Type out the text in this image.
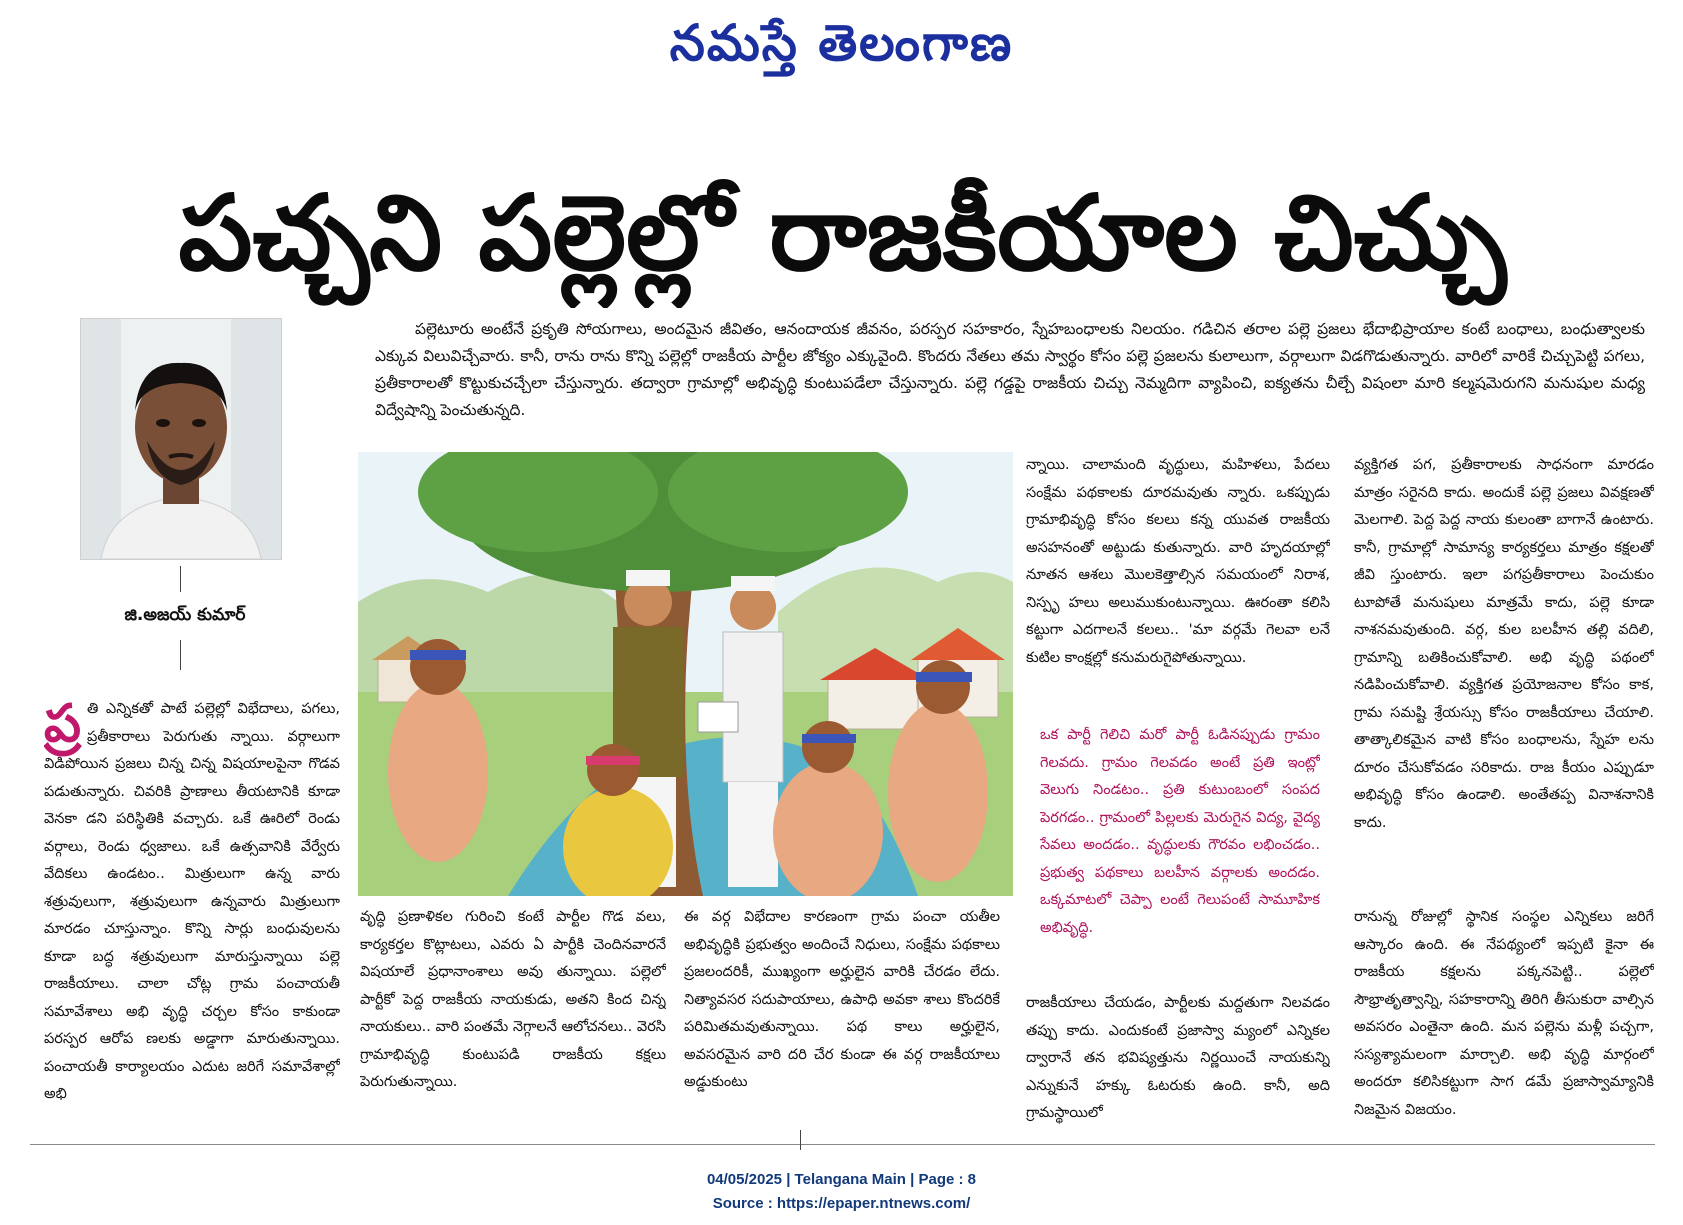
నమస్తే తెలంగాణ
పచ్చని పల్లెల్లో రాజకీయాల చిచ్చు
జి.అజయ్ కుమార్

పల్లెటూరు అంటేనే ప్రకృతి సోయగాలు, అందమైన జీవితం, ఆనందాయక జీవనం, పరస్పర సహకారం, స్నేహబంధాలకు నిలయం. గడిచిన తరాల పల్లె ప్రజలు భేదాభిప్రాయాల కంటే బంధాలు, బంధుత్వాలకు ఎక్కువ విలువిచ్చేవారు. కానీ, రాను రాను కొన్ని పల్లెల్లో రాజకీయ పార్టీల జోక్యం ఎక్కువైంది. కొందరు నేతలు తమ స్వార్థం కోసం పల్లె ప్రజలను కులాలుగా, వర్గాలుగా విడగొడుతున్నారు. వారిలో వారికే చిచ్చుపెట్టి పగలు, ప్రతీకారాలతో కొట్టుకుచచ్చేలా చేస్తున్నారు. తద్వారా గ్రామాల్లో అభివృద్ధి కుంటుపడేలా చేస్తున్నారు. పల్లె గడ్డపై రాజకీయ చిచ్చు నెమ్మదిగా వ్యాపించి, ఐక్యతను చీల్చే విషంలా మారి కల్మషమెరుగని మనుషుల మధ్య విద్వేషాన్ని పెంచుతున్నది.

ప్ర తి ఎన్నికతో పాటే పల్లెల్లో విభేదాలు, పగలు, ప్రతీకారాలు పెరుగుతు న్నాయి. వర్గాలుగా విడిపోయిన ప్రజలు చిన్న చిన్న విషయాలపైనా గొడవ పడుతున్నారు. చివరికి ప్రాణాలు తీయటానికి కూడా వెనకా డని పరిస్థితికి వచ్చారు. ఒకే ఊరిలో రెండు వర్గాలు, రెండు ధ్వజాలు. ఒకే ఉత్సవానికి వేర్వేరు వేదికలు ఉండటం.. మిత్రులుగా ఉన్న వారు శత్రువులుగా, శత్రువులుగా ఉన్నవారు మిత్రులుగా మారడం చూస్తున్నాం. కొన్ని సార్లు బంధువులను కూడా బద్ధ శత్రువులుగా మారుస్తున్నాయి పల్లె రాజకీయాలు. చాలా చోట్ల గ్రామ పంచాయతీ సమావేశాలు అభి వృద్ధి చర్చల కోసం కాకుండా పరస్పర ఆరోప ణలకు అడ్డాగా మారుతున్నాయి. పంచాయతీ కార్యాలయం ఎదుట జరిగే సమావేశాల్లో అభి

వృద్ధి ప్రణాళికల గురించి కంటే పార్టీల గొడ వలు, కార్యకర్తల కొట్లాటలు, ఎవరు ఏ పార్టీకి చెందినవారనే విషయాలే ప్రధానాంశాలు అవు తున్నాయి. పల్లెలో పార్టీకో పెద్ద రాజకీయ నాయకుడు, అతని కింద చిన్న నాయకులు.. వారి పంతమే నెగ్గాలనే ఆలోచనలు.. వెరసి గ్రామాభివృద్ధి కుంటుపడి రాజకీయ కక్షలు పెరుగుతున్నాయి.

ఈ వర్గ విభేదాల కారణంగా గ్రామ పంచా యతీల అభివృద్ధికి ప్రభుత్వం అందించే నిధులు, సంక్షేమ పథకాలు ప్రజలందరికీ, ముఖ్యంగా అర్హులైన వారికి చేరడం లేదు. నిత్యావసర సదుపాయాలు, ఉపాధి అవకా శాలు కొందరికే పరిమితమవుతున్నాయి. పథ కాలు అర్హులైన, అవసరమైన వారి దరి చేర కుండా ఈ వర్గ రాజకీయాలు అడ్డుకుంటు

న్నాయి. చాలామంది వృద్ధులు, మహిళలు, పేదలు సంక్షేమ పథకాలకు దూరమవుతు న్నారు. ఒకప్పుడు గ్రామాభివృద్ధి కోసం కలలు కన్న యువత రాజకీయ అసహనంతో అట్టుడు కుతున్నారు. వారి హృదయాల్లో నూతన ఆశలు మొలకెత్తాల్సిన సమయంలో నిరాశ, నిస్పృ హలు అలుముకుంటున్నాయి. ఊరంతా కలిసి కట్టుగా ఎదగాలనే కలలు.. 'మా వర్గమే గెలవా లనే కుటిల కాంక్షల్లో కనుమరుగైపోతున్నాయి.

ఒక పార్టీ గెలిచి మరో పార్టీ ఓడినప్పుడు గ్రామం గెలవదు. గ్రామం గెలవడం అంటే ప్రతి ఇంట్లో వెలుగు నిండటం.. ప్రతి కుటుంబంలో సంపద పెరగడం.. గ్రామంలో పిల్లలకు మెరుగైన విద్య, వైద్య సేవలు అందడం.. వృద్ధులకు గౌరవం లభించడం.. ప్రభుత్వ పథకాలు బలహీన వర్గాలకు అందడం. ఒక్కమాటలో చెప్పా లంటే గెలుపంటే సామూహిక అభివృద్ధి.

రాజకీయాలు చేయడం, పార్టీలకు మద్దతుగా నిలవడం తప్పు కాదు. ఎందుకంటే ప్రజాస్వా మ్యంలో ఎన్నికల ద్వారానే తన భవిష్యత్తును నిర్ణయించే నాయకున్ని ఎన్నుకునే హక్కు ఓటరుకు ఉంది. కానీ, అది గ్రామస్థాయిలో

వ్యక్తిగత పగ, ప్రతీకారాలకు సాధనంగా మారడం మాత్రం సరైనది కాదు. అందుకే పల్లె ప్రజలు వివక్షణతో మెలగాలి. పెద్ద పెద్ద నాయ కులంతా బాగానే ఉంటారు. కానీ, గ్రామాల్లో సామాన్య కార్యకర్తలు మాత్రం కక్షలతో జీవి స్తుంటారు. ఇలా పగప్రతీకారాలు పెంచుకుం టూపోతే మనుషులు మాత్రమే కాదు, పల్లె కూడా నాశనమవుతుంది. వర్గ, కుల బలహీన తల్లి వదిలి, గ్రామాన్ని బతికించుకోవాలి. అభి వృద్ధి పథంలో నడిపించుకోవాలి. వ్యక్తిగత ప్రయోజనాల కోసం కాక, గ్రామ సమష్టి శ్రేయస్సు కోసం రాజకీయాలు చేయాలి. తాత్కాలికమైన వాటి కోసం బంధాలను, స్నేహ లను దూరం చేసుకోవడం సరికాదు. రాజ కీయం ఎప్పుడూ అభివృద్ధి కోసం ఉండాలి. అంతేతప్ప వినాశనానికి కాదు.

రానున్న రోజుల్లో స్థానిక సంస్థల ఎన్నికలు జరిగే ఆస్కారం ఉంది. ఈ నేపథ్యంలో ఇప్పటి కైనా ఈ రాజకీయ కక్షలను పక్కనపెట్టి.. పల్లెలో సౌభ్రాతృత్వాన్ని, సహకారాన్ని తిరిగి తీసుకురా వాల్సిన అవసరం ఎంతైనా ఉంది. మన పల్లెను మళ్లీ పచ్చగా, సస్యశ్యామలంగా మార్చాలి. అభి వృద్ధి మార్గంలో అందరూ కలిసికట్టుగా సాగ డమే ప్రజాస్వామ్యానికి నిజమైన విజయం.

04/05/2025 | Telangana Main | Page : 8
Source : https://epaper.ntnews.com/
